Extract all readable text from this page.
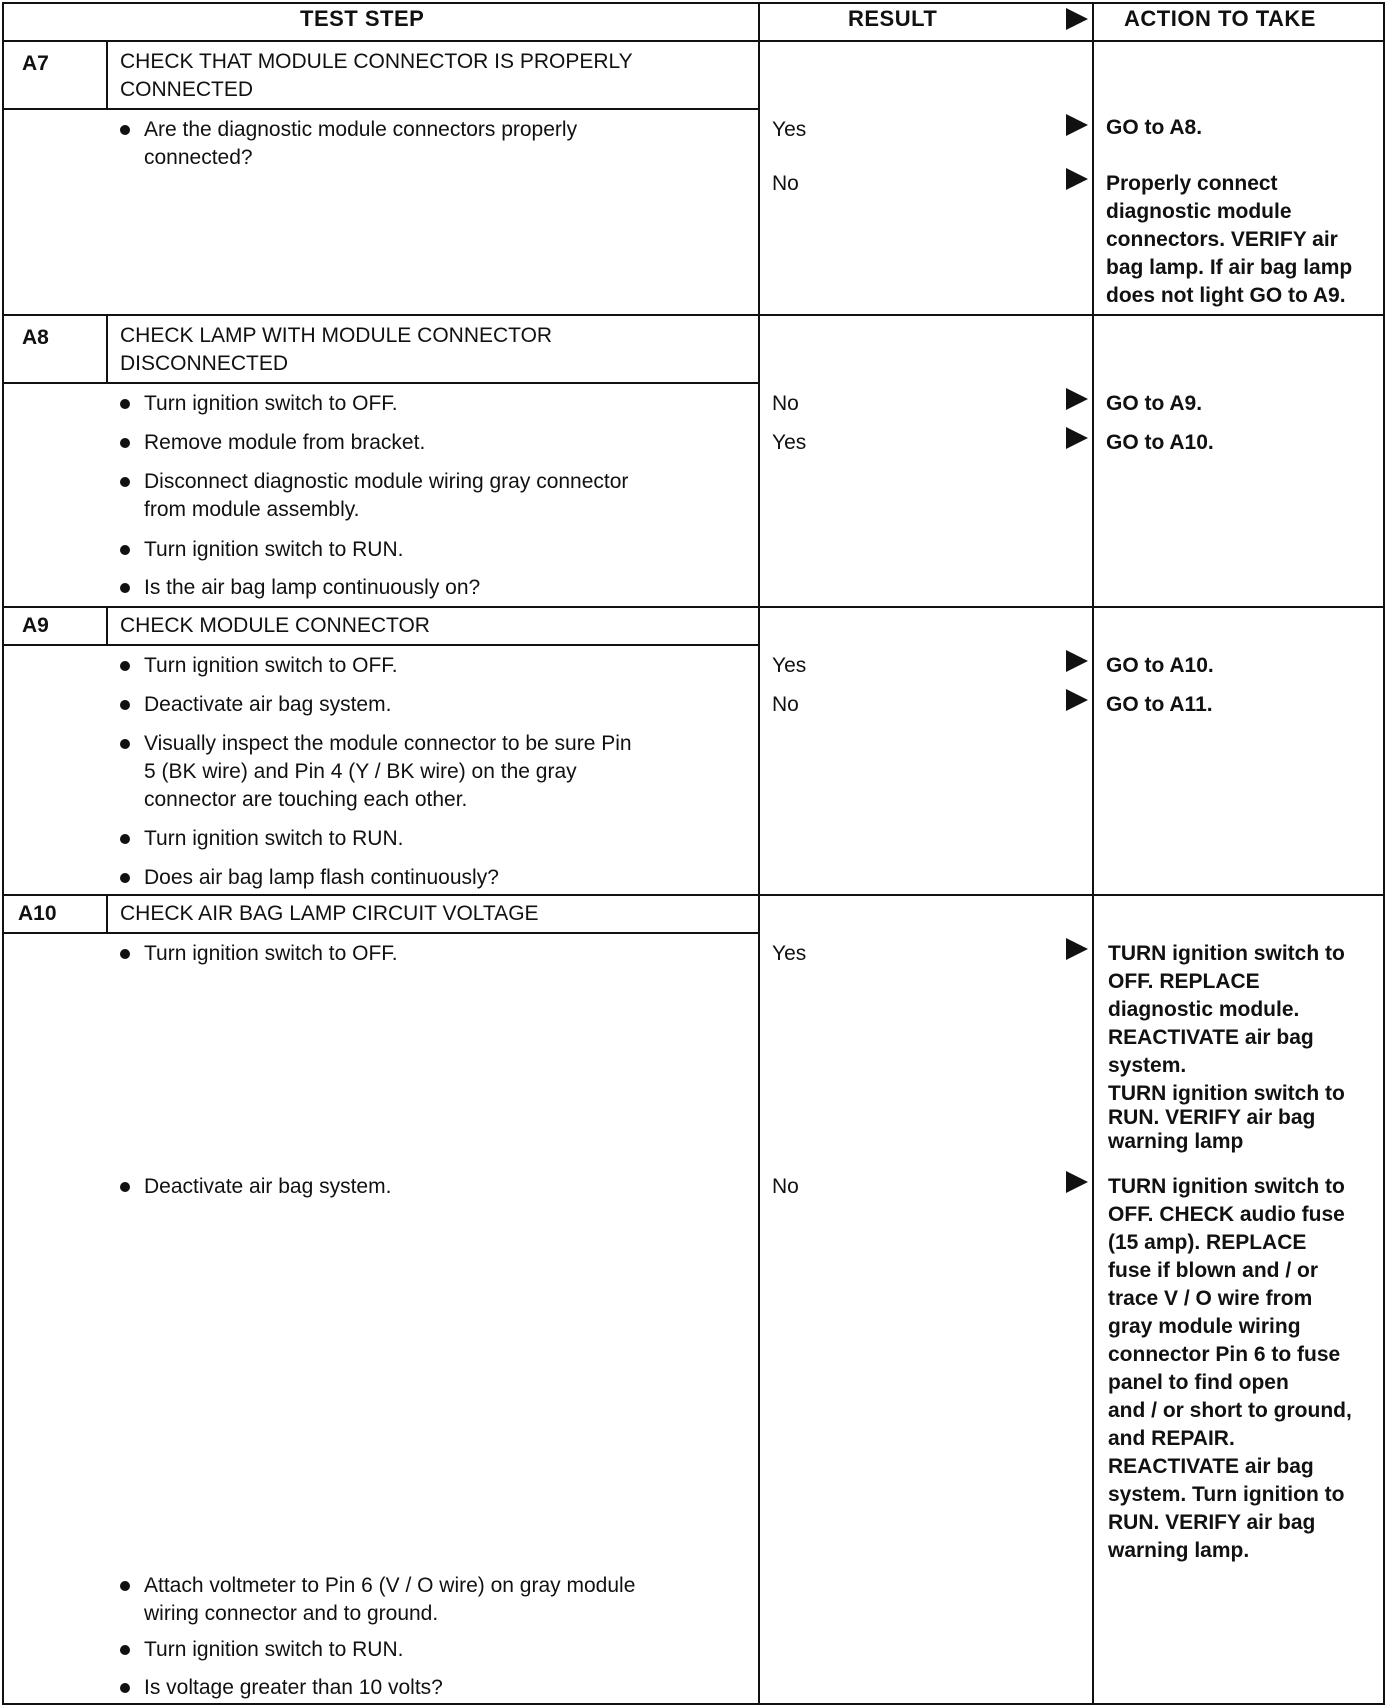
TEST STEP	RESULT	ACTION TO TAKE
A7	CHECK THAT MODULE CONNECTOR IS PROPERLY
CONNECTED
Are the diagnostic module connectors properly
connected?
Yes	GO to A8.
No	Properly connect
diagnostic module
connectors. VERIFY air
bag lamp. If air bag lamp
does not light GO to A9.
A8	CHECK LAMP WITH MODULE CONNECTOR
DISCONNECTED
Turn ignition switch to OFF.
Remove module from bracket.
Disconnect diagnostic module wiring gray connector
from module assembly.
Turn ignition switch to RUN.
Is the air bag lamp continuously on?
No	GO to A9.
Yes	GO to A10.
A9	CHECK MODULE CONNECTOR
Turn ignition switch to OFF.
Deactivate air bag system.
Visually inspect the module connector to be sure Pin
5 (BK wire) and Pin 4 (Y / BK wire) on the gray
connector are touching each other.
Turn ignition switch to RUN.
Does air bag lamp flash continuously?
Yes	GO to A10.
No	GO to A11.
A10	CHECK AIR BAG LAMP CIRCUIT VOLTAGE
Turn ignition switch to OFF.
Deactivate air bag system.
Attach voltmeter to Pin 6 (V / O wire) on gray module
wiring connector and to ground.
Turn ignition switch to RUN.
Is voltage greater than 10 volts?
Yes	TURN ignition switch to
OFF. REPLACE
diagnostic module.
REACTIVATE air bag
system.
TURN ignition switch to
RUN. VERIFY air bag
warning lamp
No	TURN ignition switch to
OFF. CHECK audio fuse
(15 amp). REPLACE
fuse if blown and / or
trace V / O wire from
gray module wiring
connector Pin 6 to fuse
panel to find open
and / or short to ground,
and REPAIR.
REACTIVATE air bag
system. Turn ignition to
RUN. VERIFY air bag
warning lamp.
